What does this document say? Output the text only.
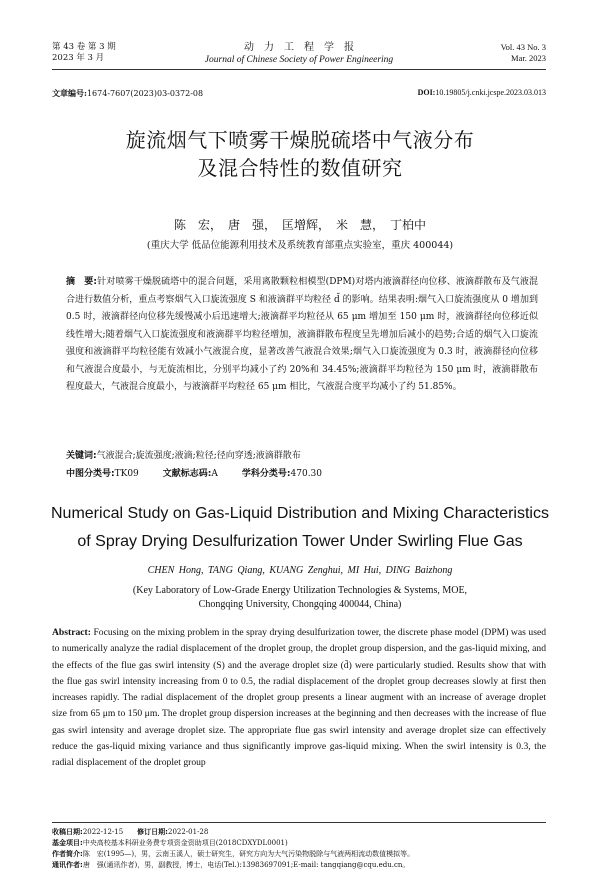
第 43 卷 第 3 期
2023 年 3 月
动　力　工　程　学　报
Journal of Chinese Society of Power Engineering
Vol. 43 No. 3
Mar. 2023
文章编号:1674-7607(2023)03-0372-08	DOI:10.19805/j.cnki.jcspe.2023.03.013
旋流烟气下喷雾干燥脱硫塔中气液分布
及混合特性的数值研究
陈　宏，　唐　强，　匡增辉，　米　慧，　丁柏中
(重庆大学 低品位能源利用技术及系统教育部重点实验室，重庆 400044)
摘　要:针对喷雾干燥脱硫塔中的混合问题，采用离散颗粒相模型(DPM)对塔内液滴群径向位移、液滴群散布及气液混合进行数值分析，重点考察烟气入口旋流强度 S 和液滴群平均粒径 d̄ 的影响。结果表明:烟气入口旋流强度从 0 增加到 0.5 时，液滴群径向位移先缓慢减小后迅速增大;液滴群平均粒径从 65 μm 增加至 150 μm 时，液滴群径向位移近似线性增大;随着烟气入口旋流强度和液滴群平均粒径增加，液滴群散布程度呈先增加后减小的趋势;合适的烟气入口旋流强度和液滴群平均粒径能有效减小气液混合度，显著改善气液混合效果;烟气入口旋流强度为 0.3 时，液滴群径向位移和气液混合度最小，与无旋流相比，分别平均减小了约 20%和 34.45%;液滴群平均粒径为 150 μm 时，液滴群散布程度最大，气液混合度最小，与液滴群平均粒径 65 μm 相比，气液混合度平均减小了约 51.85%。
关键词:气液混合;旋流强度;液滴;粒径;径向穿透;液滴群散布
中图分类号:TK09	文献标志码:A	学科分类号:470.30
Numerical Study on Gas-Liquid Distribution and Mixing Characteristics
of Spray Drying Desulfurization Tower Under Swirling Flue Gas
CHEN Hong, TANG Qiang, KUANG Zenghui, MI Hui, DING Baizhong
(Key Laboratory of Low-Grade Energy Utilization Technologies & Systems, MOE,
Chongqing University, Chongqing 400044, China)
Abstract: Focusing on the mixing problem in the spray drying desulfurization tower, the discrete phase model (DPM) was used to numerically analyze the radial displacement of the droplet group, the droplet group dispersion, and the gas-liquid mixing, and the effects of the flue gas swirl intensity (S) and the average droplet size (d̄) were particularly studied. Results show that with the flue gas swirl intensity increasing from 0 to 0.5, the radial displacement of the droplet group decreases slowly at first then increases rapidly. The radial displacement of the droplet group presents a linear augment with an increase of average droplet size from 65 μm to 150 μm. The droplet group dispersion increases at the beginning and then decreases with the increase of flue gas swirl intensity and average droplet size. The appropriate flue gas swirl intensity and average droplet size can effectively reduce the gas-liquid mixing variance and thus significantly improve gas-liquid mixing. When the swirl intensity is 0.3, the radial displacement of the droplet group
收稿日期:2022-12-15　　 修订日期:2022-01-28
基金项目:中央高校基本科研业务费专项资金资助项目(2018CDXYDL0001)
作者简介:陈　宏(1995—)，男，云南玉溪人，硕士研究生，研究方向为大气污染物脱除与气液两相流动数值模拟等。
通讯作者:唐　强(通讯作者)，男，副教授，博士，电话(Tel.):13983697091;E-mail: tangqiang@cqu.edu.cn。
